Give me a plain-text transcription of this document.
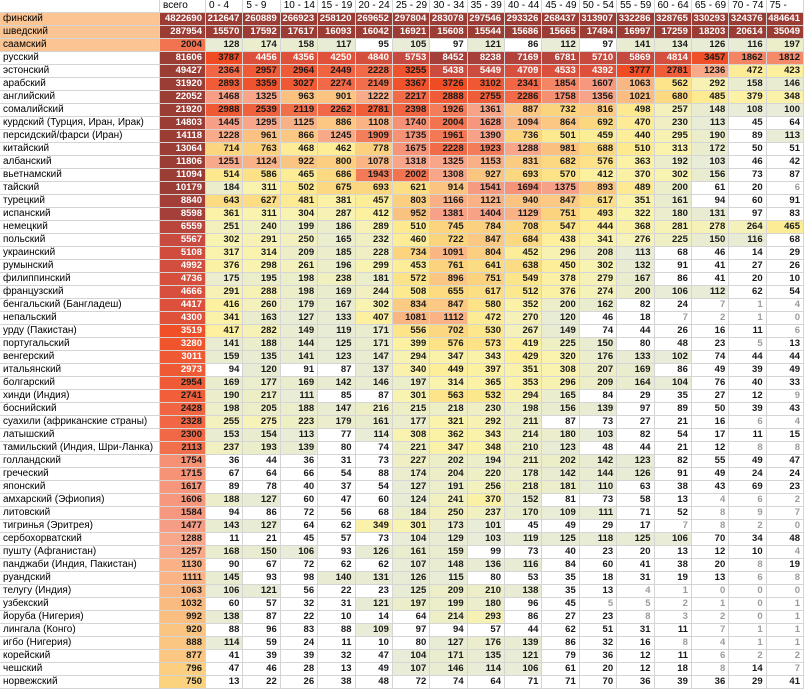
	всего	0 - 4	5 - 9	10 - 14	15 - 19	20 - 24	25 - 29	30 - 34	35 - 39	40 - 44	45 - 49	50 - 54	55 - 59	60 - 64	65 - 69	70 - 74	75 -
финский	4822690	212647	260889	266923	258120	269652	297804	283078	297546	293326	268437	313907	332286	328765	330293	324376	484641
шведский	287954	15570	17592	17617	16093	16042	16921	15608	15544	15686	15665	17494	16997	17259	18203	20614	35049
саамский	2004	128	174	158	117	95	105	97	121	86	112	97	141	134	126	116	197
русский	81606	3787	4456	4356	4250	4840	5753	8452	8238	7169	6781	5710	5869	4814	3457	1862	1812
эстонский	49427	2364	2957	2964	2449	2228	3255	5438	5449	4709	4533	4392	3777	2781	1236	472	423
арабский	31920	2893	3359	3027	2274	2149	3367	3726	3102	2341	1854	1607	1063	562	292	158	146
английский	22052	1468	1325	963	901	1222	2217	2888	2755	2286	1758	1356	1021	680	485	379	348
сомалийский	21920	2988	2539	2119	2262	2781	2398	1926	1361	887	732	816	498	257	148	108	100
курдский (Турция, Иран, Ирак)	14803	1445	1295	1125	886	1108	1740	2004	1628	1094	864	692	470	230	113	45	64
персидский/фарси (Иран)	14118	1228	961	866	1245	1909	1735	1961	1390	736	501	459	440	295	190	89	113
китайский	13064	714	763	468	462	778	1675	2228	1923	1288	981	688	510	313	172	50	51
албанский	11806	1251	1124	922	800	1078	1318	1325	1153	831	682	576	363	192	103	46	42
вьетнамский	11094	514	586	465	686	1943	2002	1308	927	693	570	412	370	302	156	73	87
тайский	10179	184	311	502	675	693	621	914	1541	1694	1375	893	489	200	61	20	6
турецкий	8840	643	627	481	381	457	803	1166	1121	940	847	617	351	161	94	60	91
испанский	8598	361	311	304	287	412	952	1381	1404	1129	751	493	322	180	131	97	83
немецкий	6559	251	240	199	186	289	510	745	784	708	547	444	368	281	278	264	465
польский	5567	302	291	250	165	232	460	722	847	684	438	341	276	225	150	116	68
украинский	5108	317	314	209	185	228	734	1091	804	452	296	208	113	68	46	14	29
румынский	4992	376	298	261	196	299	453	761	641	638	450	302	132	91	41	27	26
филиппинский	4736	175	195	198	238	181	572	896	751	549	378	279	167	86	41	20	10
французский	4666	291	288	198	169	244	508	655	617	512	376	274	200	106	112	62	54
бенгальский (Бангладеш)	4417	416	260	179	167	302	834	847	580	352	200	162	82	24	7	1	4
непальский	4300	341	163	127	133	407	1081	1112	472	270	120	46	18	7	2	1	0
урду (Пакистан)	3519	417	282	149	119	171	556	702	530	267	149	74	44	26	16	11	6
португальский	3280	141	188	144	125	171	399	576	573	419	225	150	80	48	23	5	13
венгерский	3011	159	135	141	123	147	294	347	343	429	320	176	133	102	74	44	44
итальянский	2973	94	120	91	87	137	340	449	397	351	308	207	169	86	49	39	49
болгарский	2954	169	177	169	142	146	197	314	365	353	296	209	164	104	76	40	33
хинди (Индия)	2741	190	217	111	85	87	301	563	532	294	165	84	29	35	27	12	9
боснийский	2428	198	205	188	147	216	215	218	230	198	156	139	97	89	50	39	43
суахили (африканские страны)	2328	255	275	223	179	161	177	321	292	211	87	73	27	21	16	6	4
латышский	2300	153	154	113	77	114	308	362	343	214	180	103	82	54	17	11	15
тамильский (Индия, Шри-Ланка)	2113	237	193	139	80	74	221	347	348	210	123	48	44	21	12	8	8
голландский	1754	36	44	36	31	73	227	202	194	211	202	142	123	82	55	49	47
греческий	1715	67	64	66	54	88	174	204	220	178	142	144	126	91	49	24	24
японский	1617	89	78	40	37	54	127	191	256	218	181	110	63	38	43	69	23
амхарский (Эфиопия)	1606	188	127	60	47	60	124	241	370	152	81	73	58	13	4	6	2
литовский	1584	94	86	72	56	68	184	250	237	170	109	111	71	52	8	9	7
тигринья (Эритрея)	1477	143	127	64	62	349	301	173	101	45	49	29	17	7	8	2	0
сербохорватский	1288	11	21	45	57	73	104	129	103	119	125	118	125	106	70	34	48
пушту (Афганистан)	1257	168	150	106	93	126	161	159	99	73	40	23	20	13	12	10	4
панджаби (Индия, Пакистан)	1130	90	67	72	62	62	107	148	136	116	84	60	41	38	20	8	19
руандский	1111	145	93	98	140	131	126	115	80	53	35	18	31	19	13	6	8
телугу (Индия)	1063	106	121	56	22	23	125	209	210	138	35	13	4	1	0	0	0
узбекский	1032	60	57	32	31	121	197	199	180	96	45	5	5	2	1	0	1
йоруба (Нигерия)	992	138	87	22	10	14	64	214	293	86	27	23	8	3	2	0	1
лингала (Конго)	920	88	96	83	88	109	97	94	57	44	62	51	31	11	7	1	1
игбо (Нигерия)	888	114	59	24	11	10	80	127	176	139	86	32	16	8	4	1	1
корейский	877	41	39	39	32	47	104	171	135	121	79	36	12	11	6	2	2
чешский	796	47	46	28	13	49	107	146	114	106	61	20	12	18	8	14	7
норвежский	750	13	22	26	38	48	72	74	64	71	71	70	36	39	36	29	41
